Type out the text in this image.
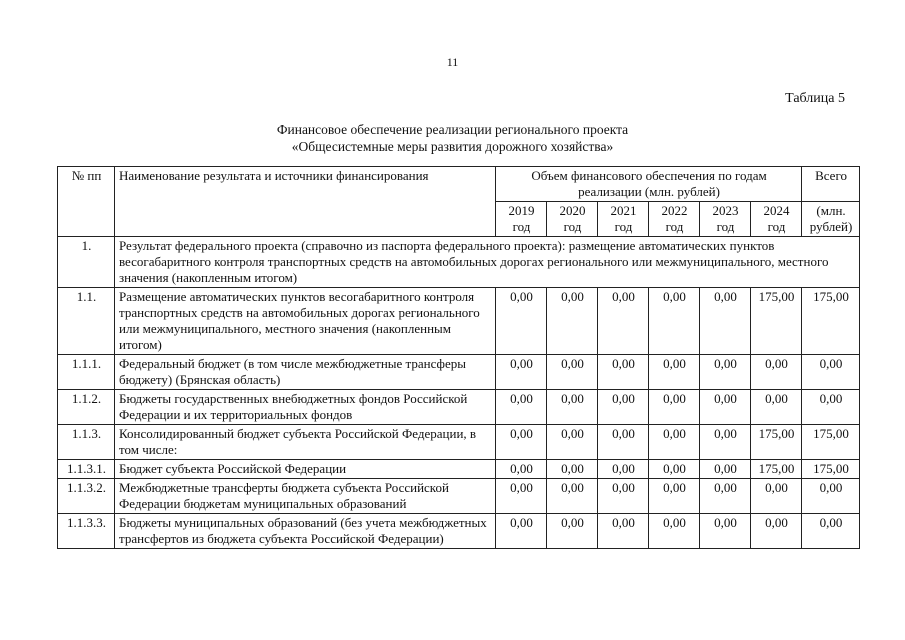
11
Таблица 5
Финансовое обеспечение реализации регионального проекта
«Общесистемные меры развития дорожного хозяйства»
№ пп	Наименование результата и источники финансирования	Объем финансового обеспечения по годам реализации (млн. рублей)						Всего
		2019 год	2020 год	2021 год	2022 год	2023 год	2024 год	(млн. рублей)
1.	Результат федерального проекта (справочно из паспорта федерального проекта): размещение автоматических пунктов весогабаритного контроля транспортных средств на автомобильных дорогах регионального или межмуниципального, местного значения (накопленным итогом)							
1.1.	Размещение автоматических пунктов весогабаритного контроля транспортных средств на автомобильных дорогах регионального или межмуниципального, местного значения (накопленным итогом)	0,00	0,00	0,00	0,00	0,00	175,00	175,00
1.1.1.	Федеральный бюджет (в том числе межбюджетные трансферы бюджету) (Брянская область)	0,00	0,00	0,00	0,00	0,00	0,00	0,00
1.1.2.	Бюджеты государственных внебюджетных фондов Российской Федерации и их территориальных фондов	0,00	0,00	0,00	0,00	0,00	0,00	0,00
1.1.3.	Консолидированный бюджет субъекта Российской Федерации, в том числе:	0,00	0,00	0,00	0,00	0,00	175,00	175,00
1.1.3.1.	Бюджет субъекта Российской Федерации	0,00	0,00	0,00	0,00	0,00	175,00	175,00
1.1.3.2.	Межбюджетные трансферты бюджета субъекта Российской Федерации бюджетам муниципальных образований	0,00	0,00	0,00	0,00	0,00	0,00	0,00
1.1.3.3.	Бюджеты муниципальных образований (без учета межбюджетных трансфертов из бюджета субъекта Российской Федерации)	0,00	0,00	0,00	0,00	0,00	0,00	0,00
